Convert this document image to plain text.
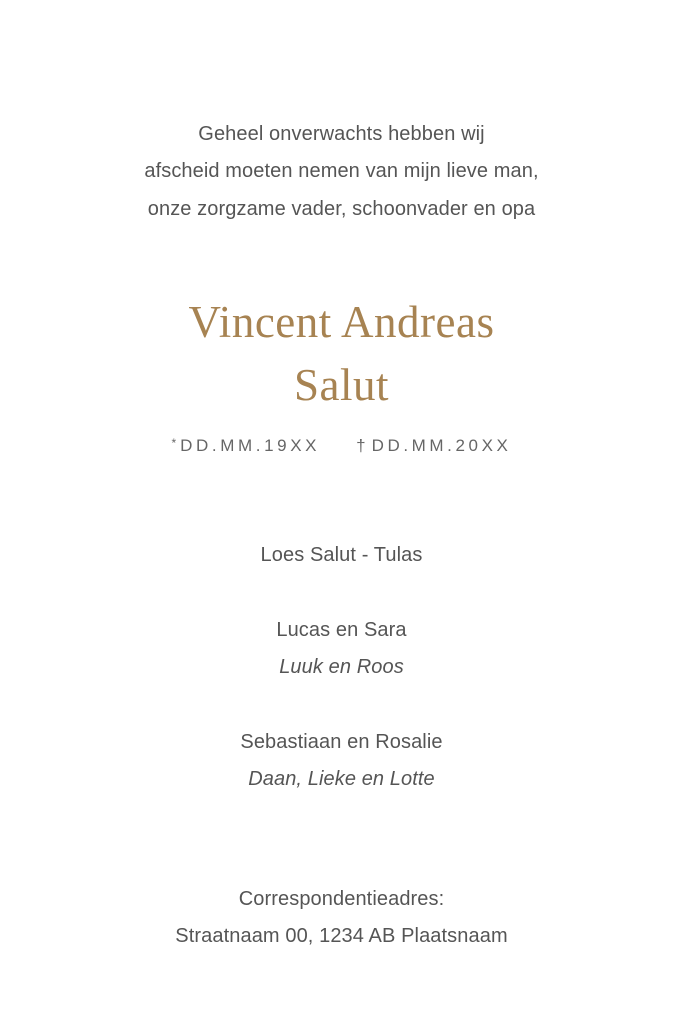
Geheel onverwachts hebben wij
afscheid moeten nemen van mijn lieve man,
onze zorgzame vader, schoonvader en opa
Vincent Andreas
Salut
* DD.MM.19XX † DD.MM.20XX
Loes Salut - Tulas
Lucas en Sara
Luuk en Roos
Sebastiaan en Rosalie
Daan, Lieke en Lotte
Correspondentieadres:
Straatnaam 00, 1234 AB Plaatsnaam
